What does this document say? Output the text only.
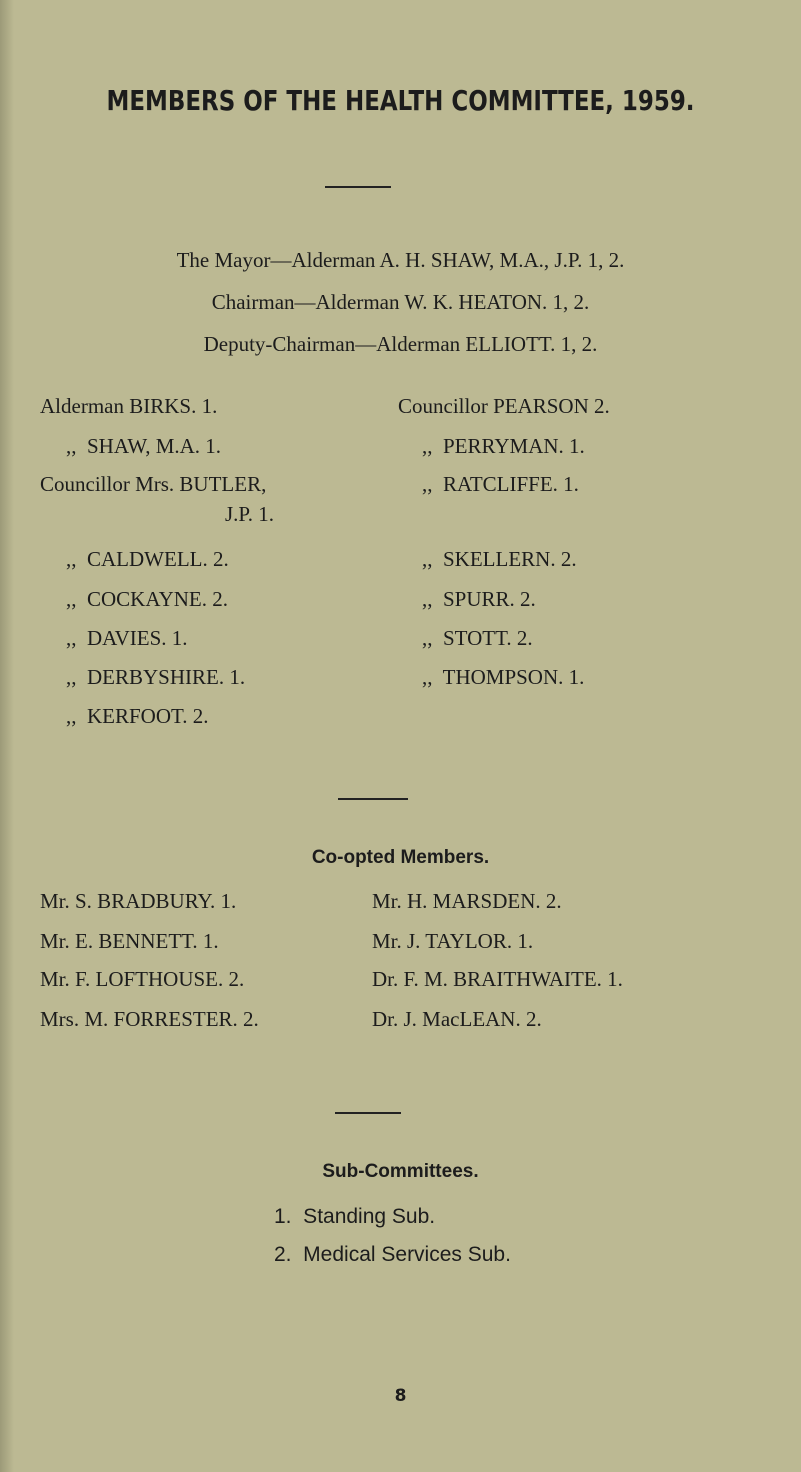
MEMBERS OF THE HEALTH COMMITTEE, 1959.
The Mayor—Alderman A. H. SHAW, M.A., J.P. 1, 2.
Chairman—Alderman W. K. HEATON. 1, 2.
Deputy-Chairman—Alderman ELLIOTT. 1, 2.
Alderman BIRKS. 1.
,,  SHAW, M.A. 1.
Councillor Mrs. BUTLER,
J.P. 1.
,,  CALDWELL. 2.
,,  COCKAYNE. 2.
,,  DAVIES. 1.
,,  DERBYSHIRE. 1.
,,  KERFOOT. 2.
Councillor PEARSON 2.
,,  PERRYMAN. 1.
,,  RATCLIFFE. 1.
,,  SKELLERN. 2.
,,  SPURR. 2.
,,  STOTT. 2.
,,  THOMPSON. 1.
Co-opted Members.
Mr. S. BRADBURY. 1.
Mr. E. BENNETT. 1.
Mr. F. LOFTHOUSE. 2.
Mrs. M. FORRESTER. 2.
Mr. H. MARSDEN. 2.
Mr. J. TAYLOR. 1.
Dr. F. M. BRAITHWAITE. 1.
Dr. J. MacLEAN. 2.
Sub-Committees.
1.  Standing Sub.
2.  Medical Services Sub.
8
